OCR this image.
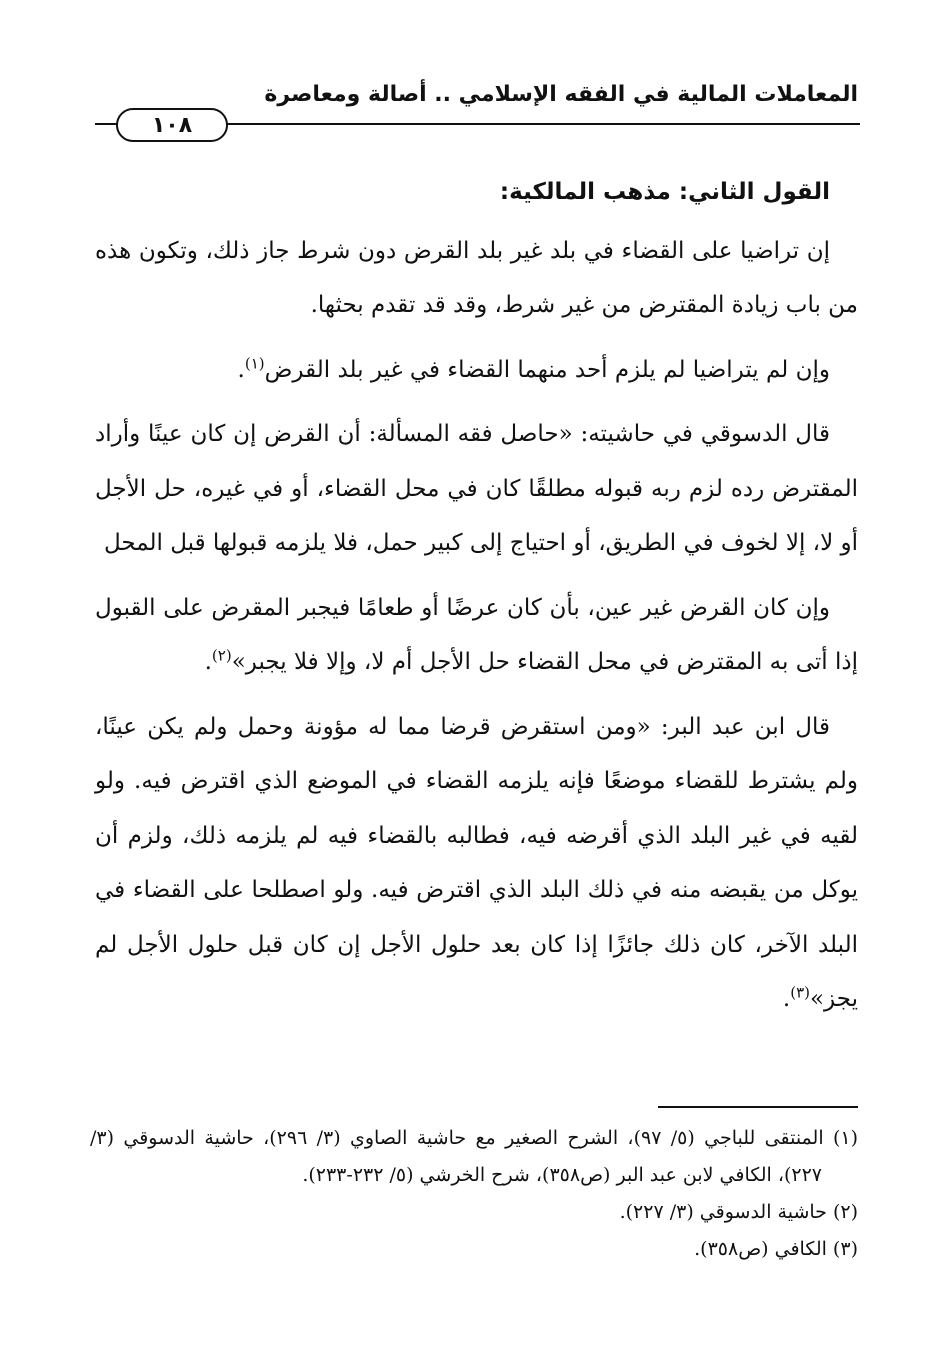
المعاملات المالية في الفقه الإسلامي .. أصالة ومعاصرة
١٠٨

القول الثاني: مذهب المالكية:

إن تراضيا على القضاء في بلد غير بلد القرض دون شرط جاز ذلك، وتكون هذه من باب زيادة المقترض من غير شرط، وقد قد تقدم بحثها.

وإن لم يتراضيا لم يلزم أحد منهما القضاء في غير بلد القرض$^{(١)}$.

قال الدسوقي في حاشيته: «حاصل فقه المسألة: أن القرض إن كان عينًا وأراد المقترض رده لزم ربه قبوله مطلقًا كان في محل القضاء، أو في غيره، حل الأجل أو لا، إلا لخوف في الطريق، أو احتياج إلى كبير حمل، فلا يلزمه قبولها قبل المحل

وإن كان القرض غير عين، بأن كان عرضًا أو طعامًا فيجبر المقرض على القبول إذا أتى به المقترض في محل القضاء حل الأجل أم لا، وإلا فلا يجبر»$^{(٢)}$.

قال ابن عبد البر: «ومن استقرض قرضا مما له مؤونة وحمل ولم يكن عينًا، ولم يشترط للقضاء موضعًا فإنه يلزمه القضاء في الموضع الذي اقترض فيه. ولو لقيه في غير البلد الذي أقرضه فيه، فطالبه بالقضاء فيه لم يلزمه ذلك، ولزم أن يوكل من يقبضه منه في ذلك البلد الذي اقترض فيه. ولو اصطلحا على القضاء في البلد الآخر، كان ذلك جائزًا إذا كان بعد حلول الأجل إن كان قبل حلول الأجل لم يجز»$^{(٣)}$.

(١) المنتقى للباجي (٥/ ٩٧)، الشرح الصغير مع حاشية الصاوي (٣/ ٢٩٦)، حاشية الدسوقي (٣/ ٢٢٧)، الكافي لابن عبد البر (ص٣٥٨)، شرح الخرشي (٥/ ٢٣٢-٢٣٣).

(٢) حاشية الدسوقي (٣/ ٢٢٧).

(٣) الكافي (ص٣٥٨).
